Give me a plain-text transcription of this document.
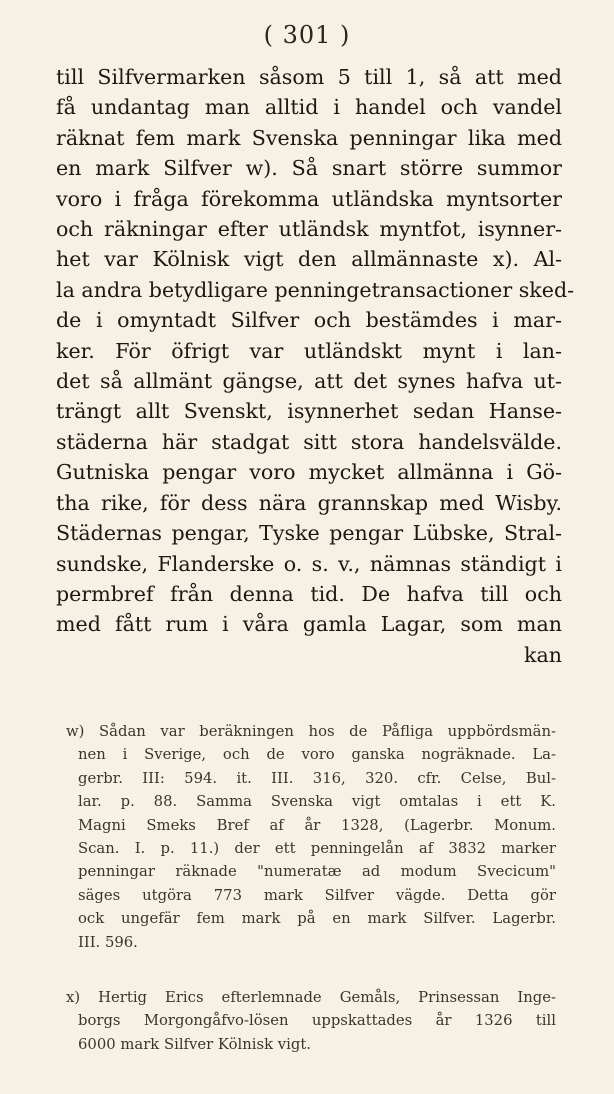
( 301 )
till Silfvermarken såsom 5 till 1, så att med
få undantag man alltid i handel och vandel
räknat fem mark Svenska penningar lika med
en mark Silfver w). Så snart större summor
voro i fråga förekomma utländska myntsorter
och räkningar efter utländsk myntfot, isynner-
het var Kölnisk vigt den allmännaste x). Al-
la andra betydligare penningetransactioner sked-
de i omyntadt Silfver och bestämdes i mar-
ker. För öfrigt var utländskt mynt i lan-
det så allmänt gängse, att det synes hafva ut-
trängt allt Svenskt, isynnerhet sedan Hanse-
städerna här stadgat sitt stora handelsvälde.
Gutniska pengar voro mycket allmänna i Gö-
tha rike, för dess nära grannskap med Wisby.
Städernas pengar, Tyske pengar Lübske, Stral-
sundske, Flanderske o. s. v., nämnas ständigt i
permbref från denna tid. De hafva till och
med fått rum i våra gamla Lagar, som man
kan
w) Sådan var beräkningen hos de Påfliga uppbördsmän-
nen i Sverige, och de voro ganska nogräknade. La-
gerbr. III: 594. it. III. 316, 320. cfr. Celse, Bul-
lar. p. 88. Samma Svenska vigt omtalas i ett K.
Magni Smeks Bref af år 1328, (Lagerbr. Monum.
Scan. I. p. 11.) der ett penningelån af 3832 marker
penningar räknade "numeratæ ad modum Svecicum"
säges utgöra 773 mark Silfver vägde. Detta gör
ock ungefär fem mark på en mark Silfver. Lagerbr.
III. 596.
x) Hertig Erics efterlemnade Gemåls, Prinsessan Inge-
borgs Morgongåfvo-lösen uppskattades år 1326 till
6000 mark Silfver Kölnisk vigt.
